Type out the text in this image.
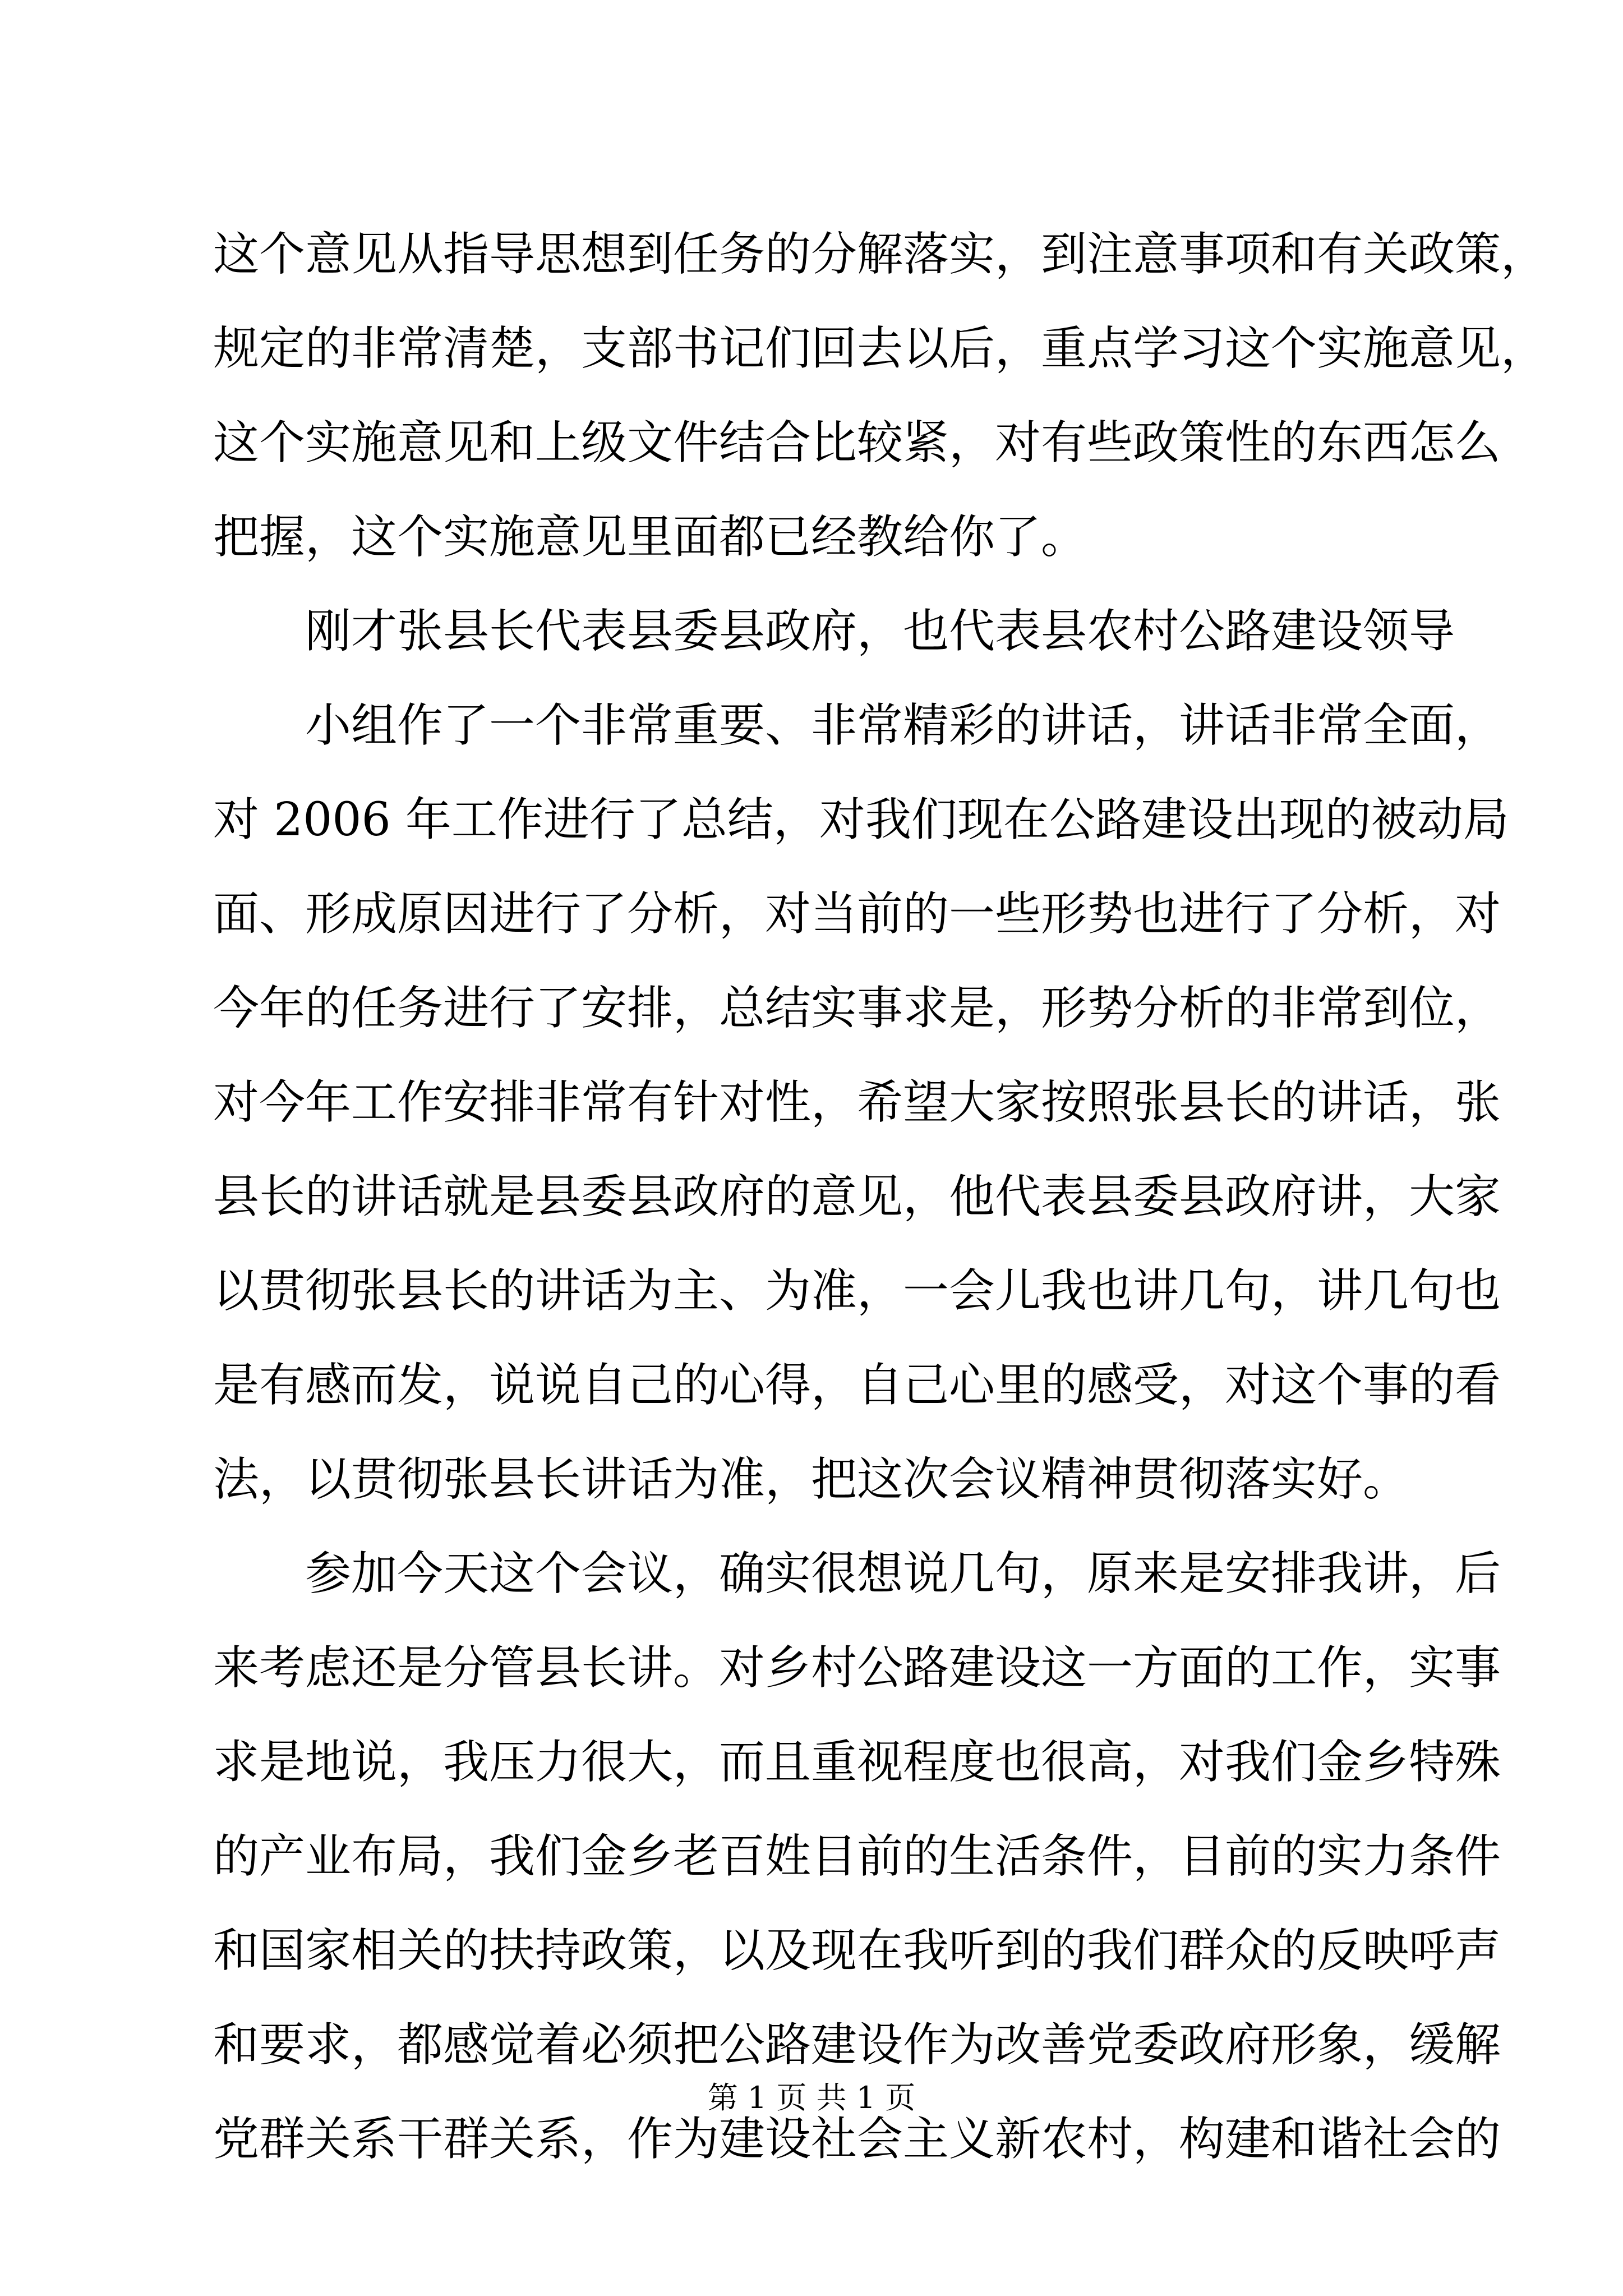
这个意见从指导思想到任务的分解落实，到注意事项和有关政策，
规定的非常清楚，支部书记们回去以后，重点学习这个实施意见，
这个实施意见和上级文件结合比较紧，对有些政策性的东西怎么
把握，这个实施意见里面都已经教给你了。
刚才张县长代表县委县政府，也代表县农村公路建设领导
小组作了一个非常重要、非常精彩的讲话，讲话非常全面，
对 2006 年工作进行了总结，对我们现在公路建设出现的被动局
面、形成原因进行了分析，对当前的一些形势也进行了分析，对
今年的任务进行了安排，总结实事求是，形势分析的非常到位，
对今年工作安排非常有针对性，希望大家按照张县长的讲话，张
县长的讲话就是县委县政府的意见，他代表县委县政府讲，大家
以贯彻张县长的讲话为主、为准，一会儿我也讲几句，讲几句也
是有感而发，说说自己的心得，自己心里的感受，对这个事的看
法，以贯彻张县长讲话为准，把这次会议精神贯彻落实好。
参加今天这个会议，确实很想说几句，原来是安排我讲，后
来考虑还是分管县长讲。对乡村公路建设这一方面的工作，实事
求是地说，我压力很大，而且重视程度也很高，对我们金乡特殊
的产业布局，我们金乡老百姓目前的生活条件，目前的实力条件
和国家相关的扶持政策，以及现在我听到的我们群众的反映呼声
和要求，都感觉着必须把公路建设作为改善党委政府形象，缓解
党群关系干群关系，作为建设社会主义新农村，构建和谐社会的
第 1 页 共 1 页
